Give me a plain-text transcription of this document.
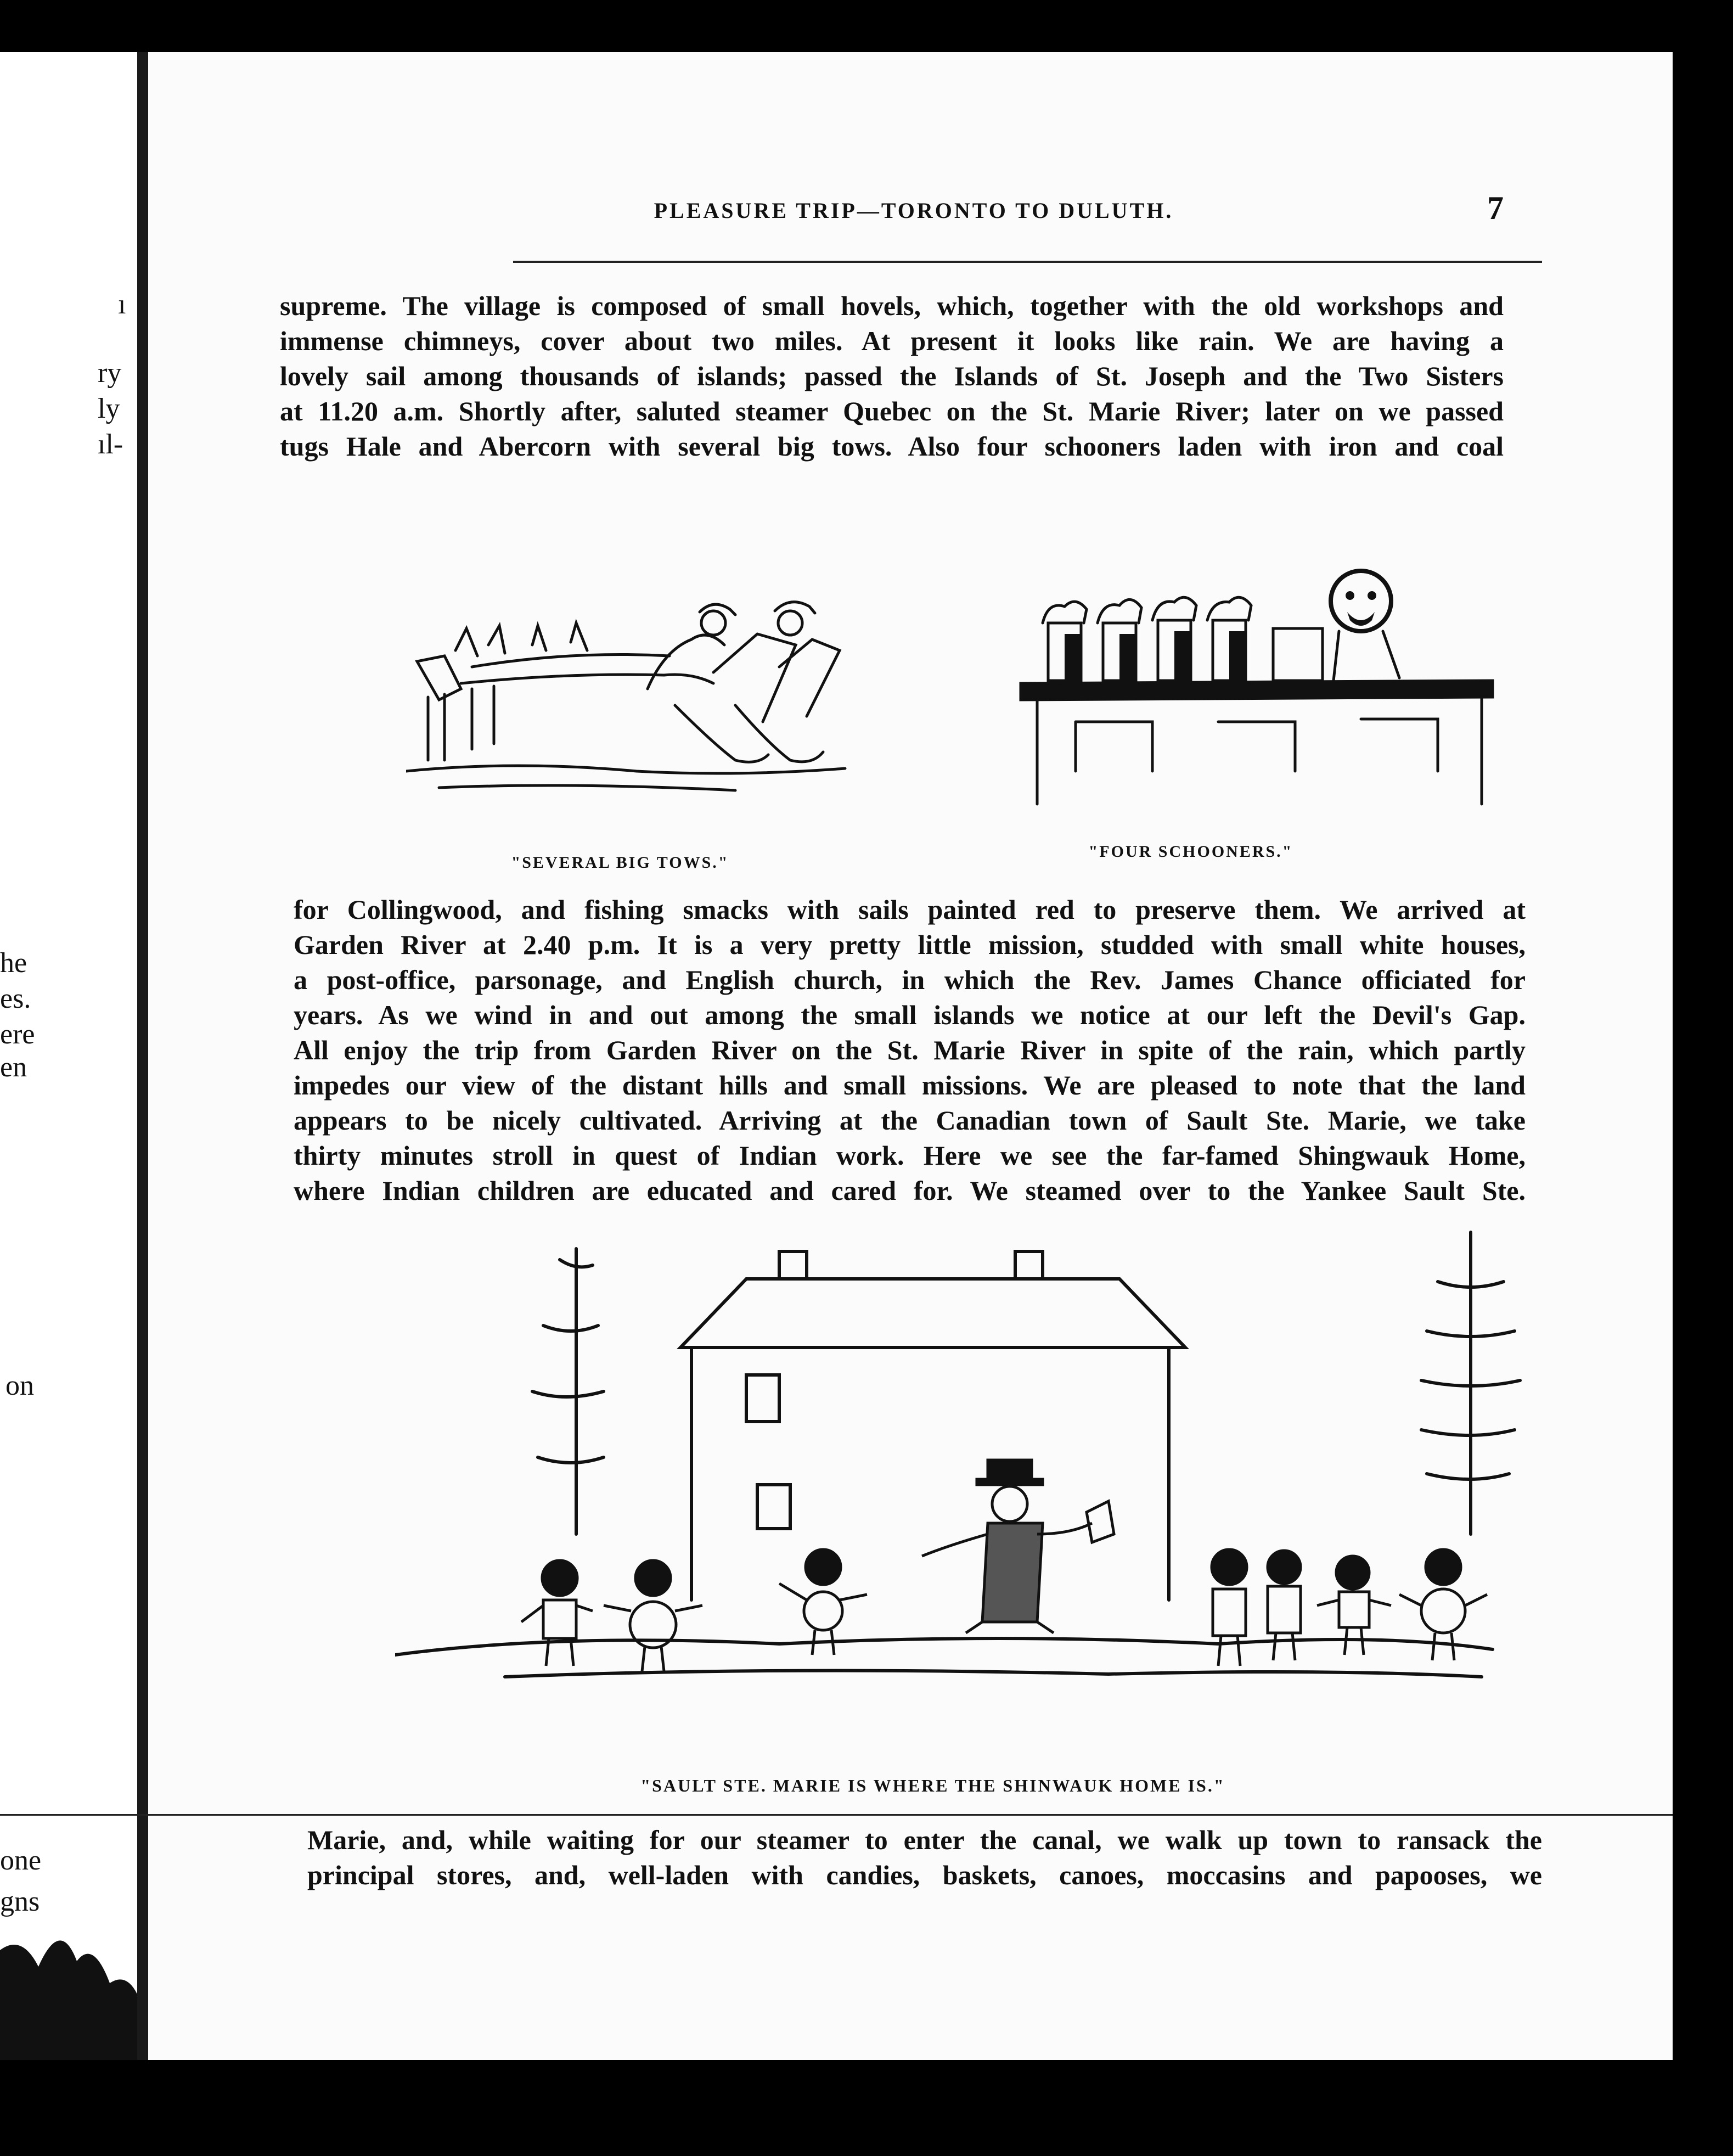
ı
ry
ly
ıl-
he
es.
ere
en
on
one
gns
PLEASURE TRIP—TORONTO TO DULUTH.	7
supreme. The village is composed of small hovels, which, together with the old workshops and
immense chimneys, cover about two miles. At present it looks like rain. We are having a
lovely sail among thousands of islands; passed the Islands of St. Joseph and the Two Sisters
at 11.20 a.m. Shortly after, saluted steamer Quebec on the St. Marie River; later on we passed
tugs Hale and Abercorn with several big tows. Also four schooners laden with iron and coal
"SEVERAL BIG TOWS."
"FOUR SCHOONERS."
for Collingwood, and fishing smacks with sails painted red to preserve them. We arrived at
Garden River at 2.40 p.m. It is a very pretty little mission, studded with small white houses,
a post-office, parsonage, and English church, in which the Rev. James Chance officiated for
years. As we wind in and out among the small islands we notice at our left the Devil's Gap.
All enjoy the trip from Garden River on the St. Marie River in spite of the rain, which partly
impedes our view of the distant hills and small missions. We are pleased to note that the land
appears to be nicely cultivated. Arriving at the Canadian town of Sault Ste. Marie, we take
thirty minutes stroll in quest of Indian work. Here we see the far-famed Shingwauk Home,
where Indian children are educated and cared for. We steamed over to the Yankee Sault Ste.
"SAULT STE. MARIE IS WHERE THE SHINWAUK HOME IS."
Marie, and, while waiting for our steamer to enter the canal, we walk up town to ransack the
principal stores, and, well-laden with candies, baskets, canoes, moccasins and papooses, we
